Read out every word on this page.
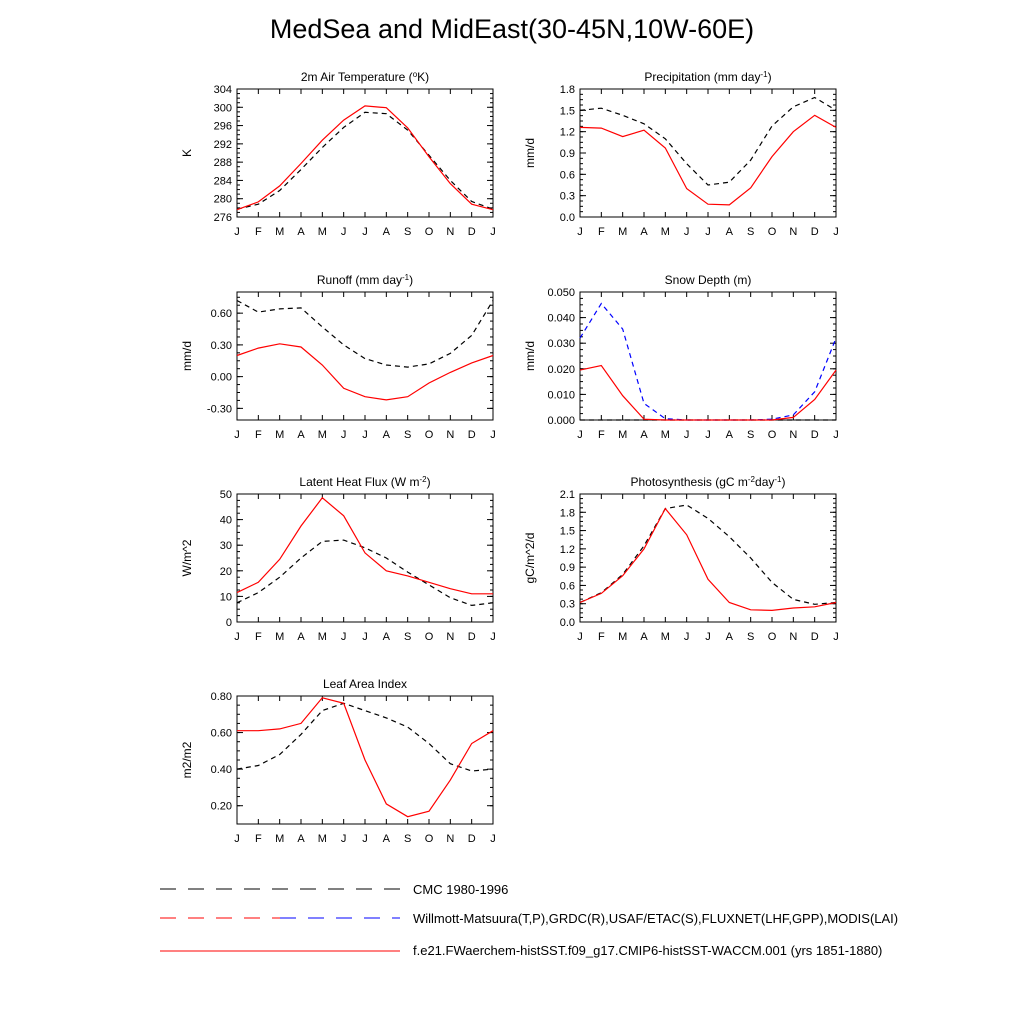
MedSea and MidEast(30-45N,10W-60E)
2m Air Temperature ($^o$K)
J F M A M J J A S O N D J
276
280
284
288
292
296
300
304
K
Precipitation (mm day$^{-1}$)
J F M A M J J A S O N D J
0.0
0.3
0.6
0.9
1.2
1.5
1.8
mm/d
Runoff (mm day$^{-1}$)
J F M A M J J A S O N D J
-0.30
0.00
0.30
0.60
mm/d
Snow Depth (m)
J F M A M J J A S O N D J
0.000
0.010
0.020
0.030
0.040
0.050
mm/d
Latent Heat Flux (W $m^{-2}$)
J F M A M J J A S O N D J
0
10
20
30
40
50
W/m^2
Photosynthesis (gC $m^{-2}day^{-1}$)
J F M A M J J A S O N D J
0.0
0.3
0.6
0.9
1.2
1.5
1.8
2.1
gC/m^2/d
Leaf Area Index
J F M A M J J A S O N D J
0.20
0.40
0.60
0.80
m2/m2
CMC 1980-1996
Willmott-Matsuura(T,P),GRDC(R),USAF/ETAC(S),FLUXNET(LHF,GPP),MODIS(LAI)
f.e21.FWaerchem-histSST.f09_g17.CMIP6-histSST-WACCM.001 (yrs 1851-1880)
